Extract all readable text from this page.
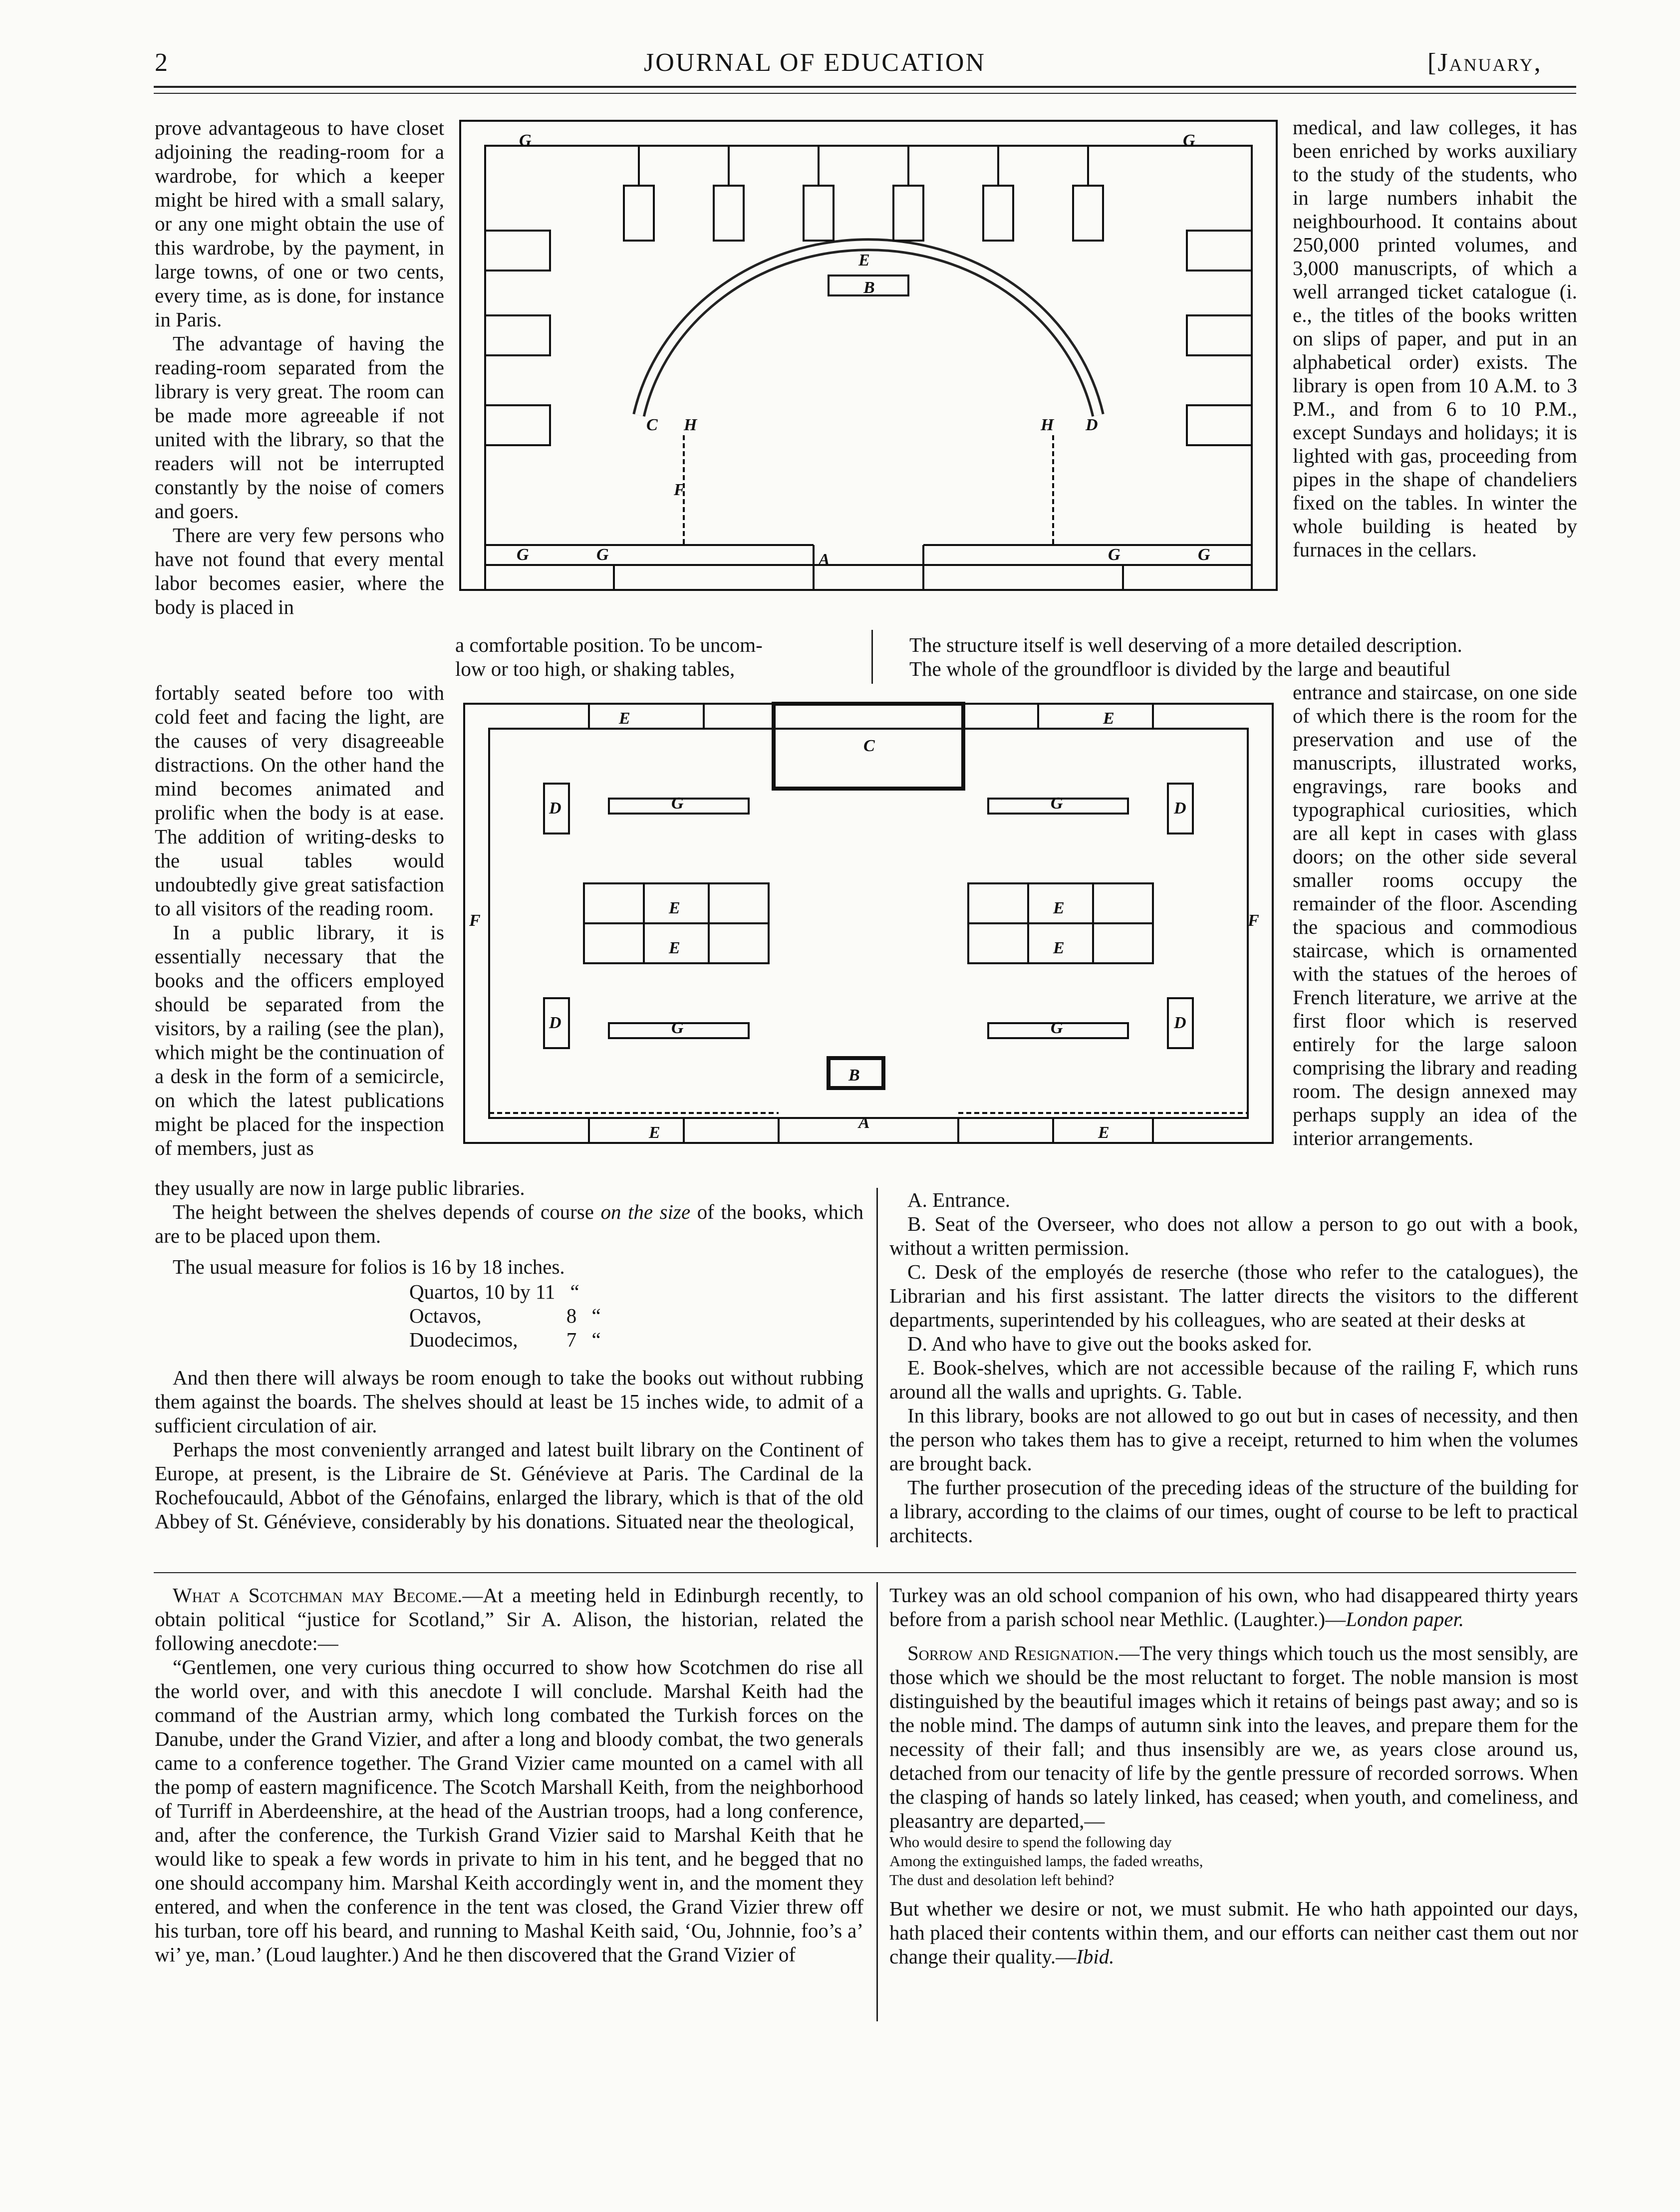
2	JOURNAL OF EDUCATION	[January,
G	G
E
B
C	D
H	H
F
A
G	G	G	G
E	E
C
D	D
D	D
G	G
G	G
E
E
E
E
F	F
B
A
E	E

prove advantageous to have closet adjoining the reading-room for a wardrobe, for which a keeper might be hired with a small salary, or any one might obtain the use of this wardrobe, by the payment, in large towns, of one or two cents, every time, as is done, for instance in Paris.

The advantage of having the reading-room separated from the library is very great. The room can be made more agreeable if not united with the library, so that the readers will not be interrupted constantly by the noise of comers and goers.

There are very few persons who have not found that every mental labor becomes easier, where the body is placed in

a comfortable position. To be uncom-
low or too high, or shaking tables,
The structure itself is well deserving of a more detailed description.
The whole of the groundfloor is divided by the large and beautiful

fortably seated before too with cold feet and facing the light, are the causes of very disagreeable distractions. On the other hand the mind becomes animated and prolific when the body is at ease. The addition of writing-desks to the usual tables would undoubtedly give great satisfaction to all visitors of the reading room.

In a public library, it is essentially necessary that the books and the officers employed should be separated from the visitors, by a railing (see the plan), which might be the continuation of a desk in the form of a semicircle, on which the latest publications might be placed for the inspection of members, just as

they usually are now in large public libraries.

The height between the shelves depends of course on the size of the books, which are to be placed upon them.

The usual measure for folios is 16 by 18 inches.

Quartos, 10 by 11 “
Octavos,	8 “
Duodecimos, 7 “

And then there will always be room enough to take the books out without rubbing them against the boards. The shelves should at least be 15 inches wide, to admit of a sufficient circulation of air.

Perhaps the most conveniently arranged and latest built library on the Continent of Europe, at present, is the Libraire de St. Génévieve at Paris. The Cardinal de la Rochefoucauld, Abbot of the Génofains, enlarged the library, which is that of the old Abbey of St. Génévieve, considerably by his donations. Situated near the theological,

medical, and law colleges, it has been enriched by works auxiliary to the study of the students, who in large numbers inhabit the neighbourhood. It contains about 250,000 printed volumes, and 3,000 manuscripts, of which a well arranged ticket catalogue (i. e., the titles of the books written on slips of paper, and put in an alphabetical order) exists. The library is open from 10 A.M. to 3 P.M., and from 6 to 10 P.M., except Sundays and holidays; it is lighted with gas, proceeding from pipes in the shape of chandeliers fixed on the tables. In winter the whole building is heated by furnaces in the cellars.

entrance and staircase, on one side of which there is the room for the preservation and use of the manuscripts, illustrated works, engravings, rare books and typographical curiosities, which are all kept in cases with glass doors; on the other side several smaller rooms occupy the remainder of the floor. Ascending the spacious and commodious staircase, which is ornamented with the statues of the heroes of French literature, we arrive at the first floor which is reserved entirely for the large saloon comprising the library and reading room. The design annexed may perhaps supply an idea of the interior arrangements.

A. Entrance.

B. Seat of the Overseer, who does not allow a person to go out with a book, without a written permission.

C. Desk of the employés de reserche (those who refer to the catalogues), the Librarian and his first assistant. The latter directs the visitors to the different departments, superintended by his colleagues, who are seated at their desks at

D. And who have to give out the books asked for.

E. Book-shelves, which are not accessible because of the railing F, which runs around all the walls and uprights. G. Table.

In this library, books are not allowed to go out but in cases of necessity, and then the person who takes them has to give a receipt, returned to him when the volumes are brought back.

The further prosecution of the preceding ideas of the structure of the building for a library, according to the claims of our times, ought of course to be left to practical architects.

What a Scotchman may Become.—At a meeting held in Edinburgh recently, to obtain political “justice for Scotland,” Sir A. Alison, the historian, related the following anecdote:—

“Gentlemen, one very curious thing occurred to show how Scotchmen do rise all the world over, and with this anecdote I will conclude. Marshal Keith had the command of the Austrian army, which long combated the Turkish forces on the Danube, under the Grand Vizier, and after a long and bloody combat, the two generals came to a conference together. The Grand Vizier came mounted on a camel with all the pomp of eastern magnificence. The Scotch Marshall Keith, from the neighborhood of Turriff in Aberdeenshire, at the head of the Austrian troops, had a long conference, and, after the conference, the Turkish Grand Vizier said to Marshal Keith that he would like to speak a few words in private to him in his tent, and he begged that no one should accompany him. Marshal Keith accordingly went in, and the moment they entered, and when the conference in the tent was closed, the Grand Vizier threw off his turban, tore off his beard, and running to Mashal Keith said, ‘Ou, Johnnie, foo’s a’ wi’ ye, man.’ (Loud laughter.) And he then discovered that the Grand Vizier of

Turkey was an old school companion of his own, who had disappeared thirty years before from a parish school near Methlic. (Laughter.)—London paper.

Sorrow and Resignation.—The very things which touch us the most sensibly, are those which we should be the most reluctant to forget. The noble mansion is most distinguished by the beautiful images which it retains of beings past away; and so is the noble mind. The damps of autumn sink into the leaves, and prepare them for the necessity of their fall; and thus insensibly are we, as years close around us, detached from our tenacity of life by the gentle pressure of recorded sorrows. When the clasping of hands so lately linked, has ceased; when youth, and comeliness, and pleasantry are departed,—

Who would desire to spend the following day

Among the extinguished lamps, the faded wreaths,

The dust and desolation left behind?

But whether we desire or not, we must submit. He who hath appointed our days, hath placed their contents within them, and our efforts can neither cast them out nor change their quality.—Ibid.
